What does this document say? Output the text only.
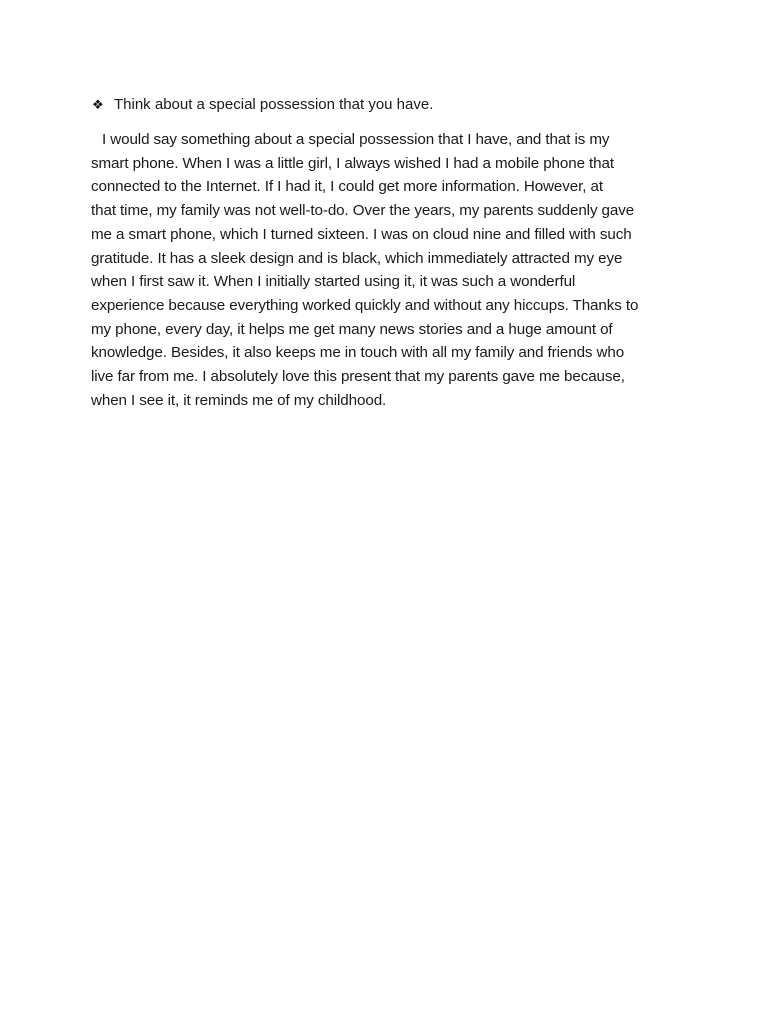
❖ Think about a special possession that you have.

I would say something about a special possession that I have, and that is my
smart phone. When I was a little girl, I always wished I had a mobile phone that
connected to the Internet. If I had it, I could get more information. However, at
that time, my family was not well-to-do. Over the years, my parents suddenly gave
me a smart phone, which I turned sixteen. I was on cloud nine and filled with such
gratitude. It has a sleek design and is black, which immediately attracted my eye
when I first saw it. When I initially started using it, it was such a wonderful
experience because everything worked quickly and without any hiccups. Thanks to
my phone, every day, it helps me get many news stories and a huge amount of
knowledge. Besides, it also keeps me in touch with all my family and friends who
live far from me. I absolutely love this present that my parents gave me because,
when I see it, it reminds me of my childhood.
